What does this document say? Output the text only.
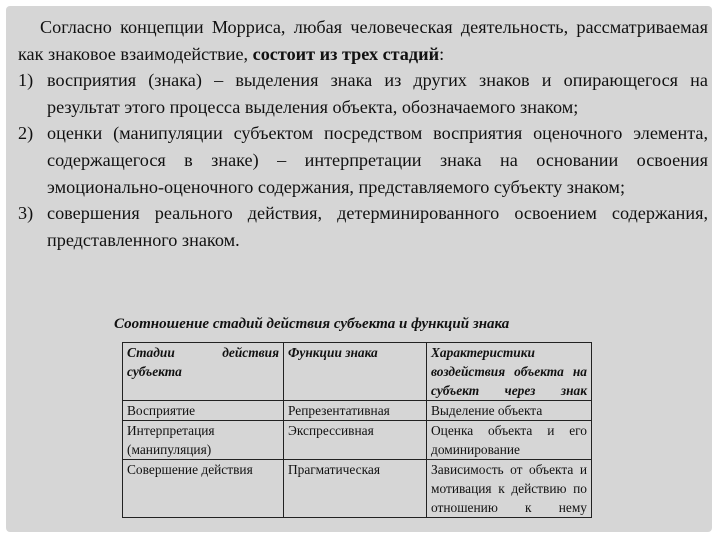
Согласно концепции Морриса, любая человеческая деятельность, рассматриваемая как знаковое взаимодействие, состоит из трех стадий:

1) восприятия (знака) – выделения знака из других знаков и опирающегося на результат этого процесса выделения объекта, обозначаемого знаком;
2) оценки (манипуляции субъектом посредством восприятия оценочного элемента, содержащегося в знаке) – интерпретации знака на основании освоения эмоционально-оценочного содержания, представляемого субъекту знаком;
3) совершения реального действия, детерминированного освоением содержания, представленного знаком.
Соотношение стадий действия субъекта и функций знака
Стадии действия субъекта	Функции знака	Характеристики воздействия объекта на субъект через знак
Восприятие	Репрезентативная	Выделение объекта
Интерпретация (манипуляция)	Экспрессивная	Оценка объекта и его доминирование
Совершение действия	Прагматическая	Зависимость от объекта и мотивация к действию по отношению к нему
